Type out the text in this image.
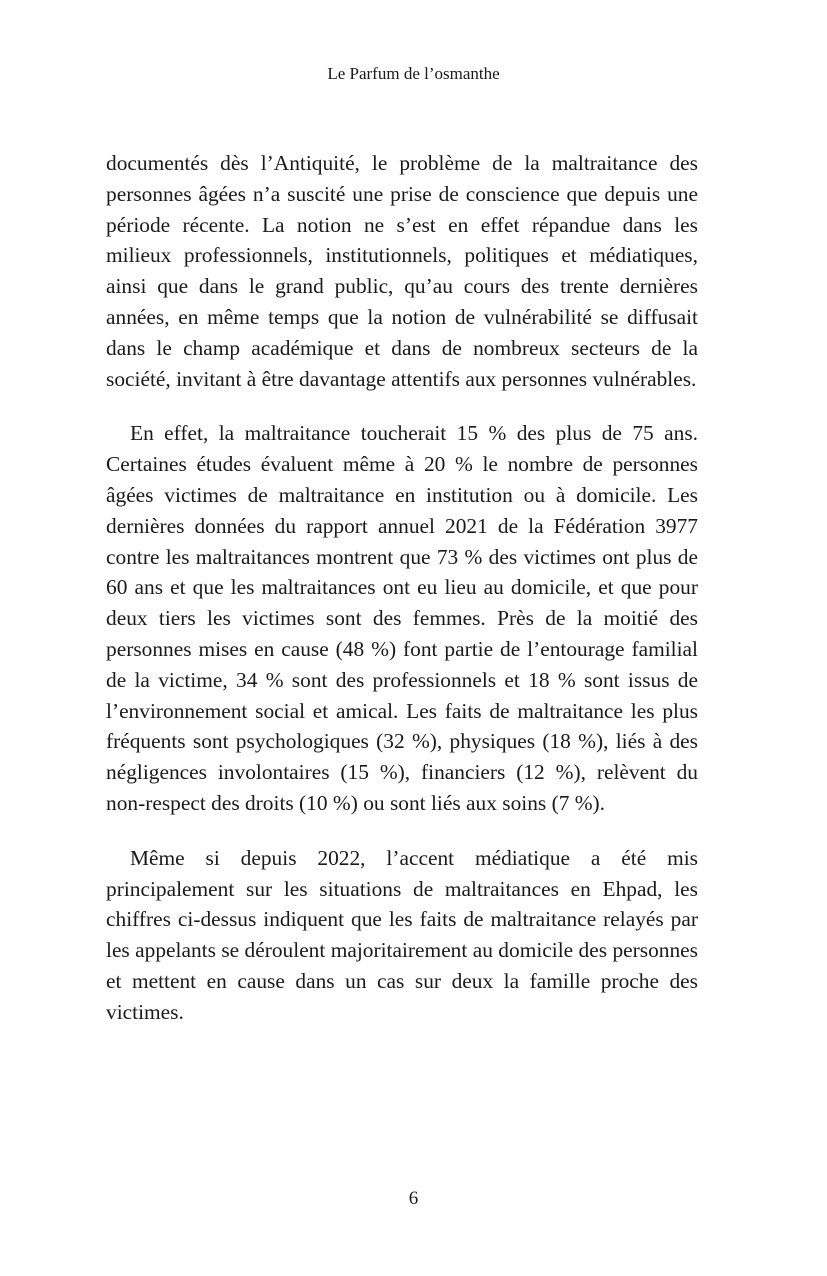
Le Parfum de l’osmanthe

documentés dès l’Antiquité, le problème de la maltraitance des personnes âgées n’a suscité une prise de conscience que depuis une période récente. La notion ne s’est en effet répandue dans les milieux professionnels, institutionnels, politiques et médiatiques, ainsi que dans le grand public, qu’au cours des trente dernières années, en même temps que la notion de vulnérabilité se diffusait dans le champ académique et dans de nombreux secteurs de la société, invitant à être davantage attentifs aux personnes vulnérables.

En effet, la maltraitance toucherait 15 % des plus de 75 ans. Certaines études évaluent même à 20 % le nombre de personnes âgées victimes de maltraitance en institution ou à domicile. Les dernières données du rapport annuel 2021 de la Fédération 3977 contre les maltraitances montrent que 73 % des victimes ont plus de 60 ans et que les maltraitances ont eu lieu au domicile, et que pour deux tiers les victimes sont des femmes. Près de la moitié des personnes mises en cause (48 %) font partie de l’entourage familial de la victime, 34 % sont des professionnels et 18 % sont issus de l’environnement social et amical. Les faits de maltraitance les plus fréquents sont psychologiques (32 %), physiques (18 %), liés à des négligences involontaires (15 %), financiers (12 %), relèvent du non-respect des droits (10 %) ou sont liés aux soins (7 %).

Même si depuis 2022, l’accent médiatique a été mis principalement sur les situations de maltraitances en Ehpad, les chiffres ci-dessus indiquent que les faits de maltraitance relayés par les appelants se déroulent majoritairement au domicile des personnes et mettent en cause dans un cas sur deux la famille proche des victimes.

6
